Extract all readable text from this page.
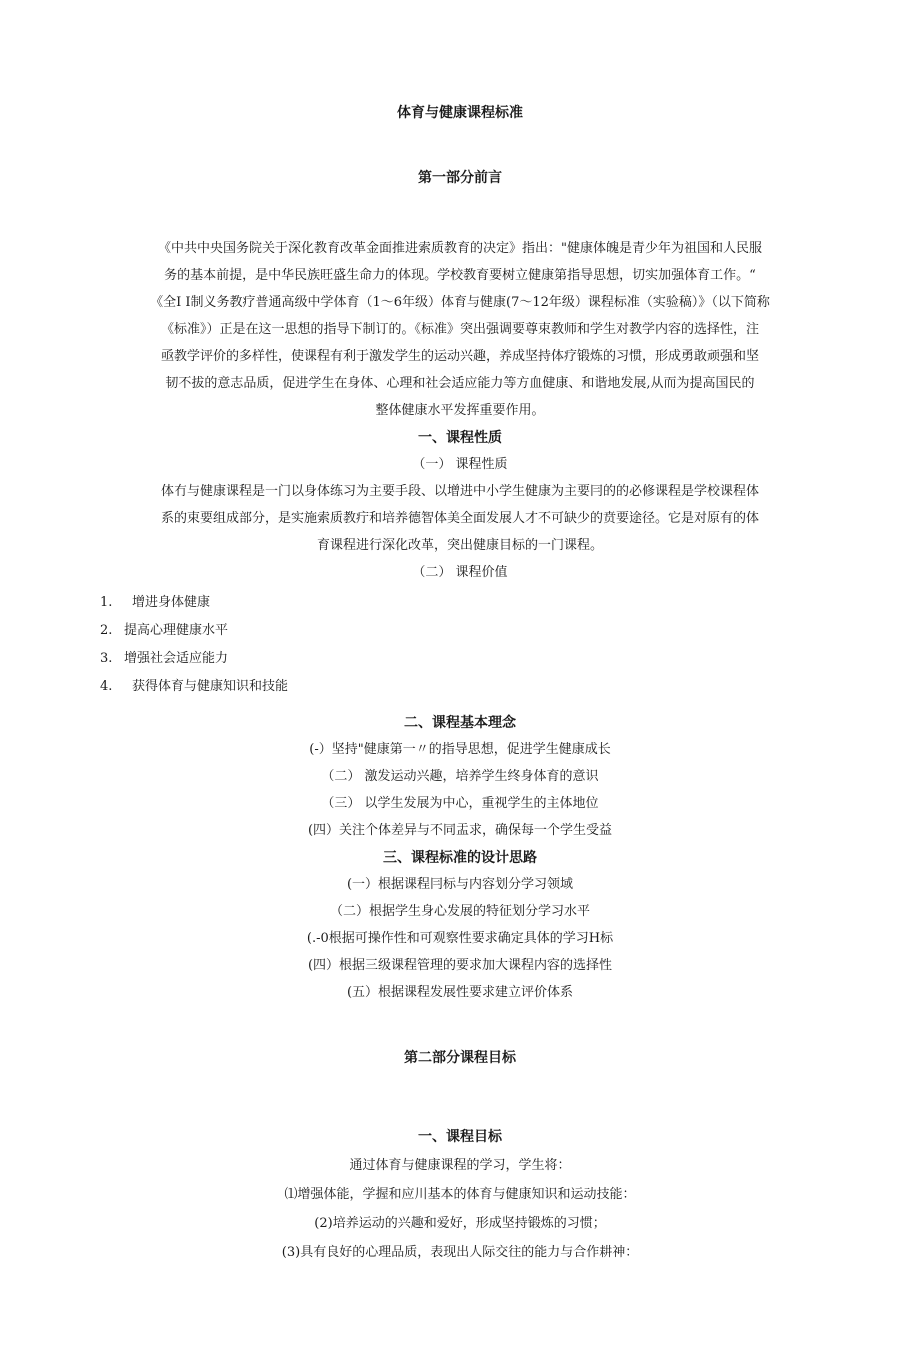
体育与健康课程标准
第一部分前言
《中共中央国务院关于深化教育改革金面推进索质教育的决定》指出："健康体魄是青少年为祖国和人民服
务的基本前提，是中华民族旺盛生命力的体现。学校教育要树立健康第指导思想，切实加强体育工作。“
《全I I制义务教疗普通高级中学体育（1～6年级）体育与健康(7～12年级）课程标准（实验稿）》（以下简称
《标准》）正是在这一思想的指导下制订的。《标准》突出强调要尊束教师和学生对教学内容的选择性，注
亟教学评价的多样性，使课程有利于激发学生的运动兴趣，养成坚持体疗锻炼的习惯，形成勇敢顽强和坚
韧不拔的意志品质，促进学生在身体、心理和社会适应能力等方血健康、和谐地发展,从而为提高国民的
整体健康水平发挥重要作用。
一、课程性质
（一） 课程性质
体冇与健康课程是一门以身体练习为主要手段、以增进中小学生健康为主要冃的的必修课程是学校课程体
系的束要组成部分，是实施索质教疔和培养德智体美全面发展人才不可缺少的贲要途径。它是对原有的体
育课程进行深化改革，突出健康目标的一门课程。
（二） 课程价值
1. 增进身体健康
2. 提高心理健康水平
3. 增强社会适应能力
4. 获得体育与健康知识和技能
二、课程基本理念
(-）坚持"健康第一〃的指导思想，促进学生健康成长
（二） 激发运动兴趣，培养学生终身体育的意识
（三） 以学生发展为中心，重视学生的主体地位
(四）关注个体差异与不同盂求，确保每一个学生受益
三、课程标准的设计思路
(一）根据课程冃标与内容划分学习领域
（二）根据学生身心发展的特征划分学习水平
(.-0根据可操作性和可观察性要求确定具体的学习H标
(四）根据三级课程管理的要求加大课程内容的选择性
(五）根据课程发展性要求建立评价体系
第二部分课程目标
一、课程目标
通过体育与健康课程的学习，学生将：
⑴增强体能，学握和应川基本的体育与健康知识和运动技能：
(2)培养运动的兴趣和爱好，形成坚持锻炼的习惯；
(3)具有良好的心理品质，表现出人际交往的能力与合作耕神：
